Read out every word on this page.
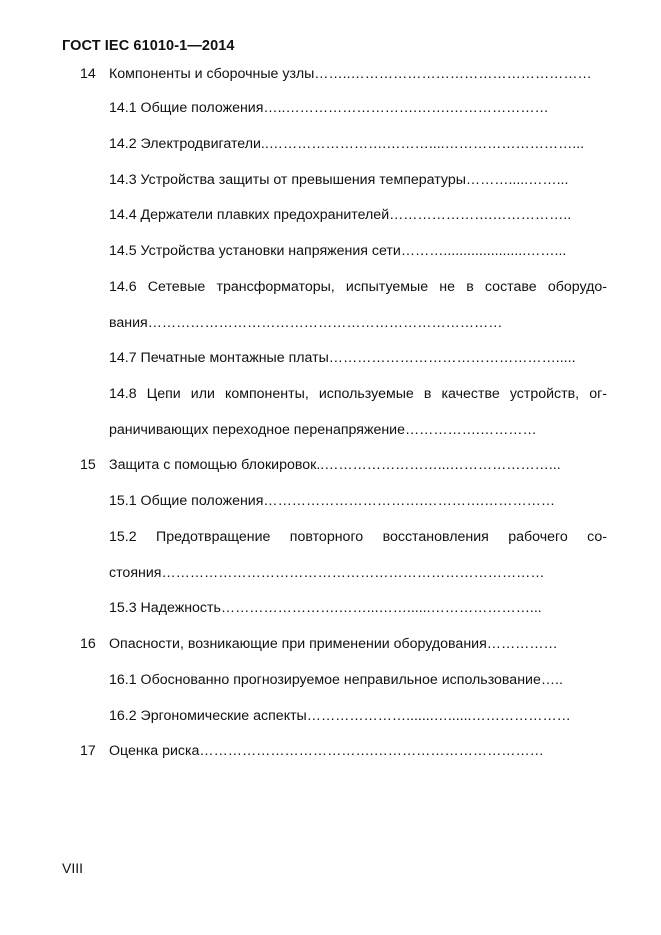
ГОСТ IEC 61010-1—2014
14 Компоненты и сборочные узлы……..……………………………………………
14.1 Общие положения…..……………………….…….…………………
14.2 Электродвигатели..…………………….………....………………………...
14.3 Устройства защиты от превышения температуры……….....……...
14.4 Держатели плавких предохранителей………………….……………..
14.5 Устройства установки напряжения сети……….....................……...
14.6 Сетевые трансформаторы, испытуемые не в составе оборудо-
вания…………………………………………………………………
14.7 Печатные монтажные платы………………………………………….....
14.8 Цепи или компоненты, используемые в качестве устройств, ог-
раничивающих переходное перенапряжение…………….…………
15 Защита с помощью блокировок..……………………...…………………...
15.1 Общие положения…………………………….………….……………
15.2 Предотвращение повторного восстановления рабочего со-
стояния………………………………………………………………………
15.3 Надежность…………………….……...……......…………………...
16 Опасности, возникающие при применении оборудования……………
16.1 Обоснованно прогнозируемое неправильное использование…..
16.2 Эргономические аспекты………………….......…......…………………
17 Оценка риска……………………………….………………………………
VIII
